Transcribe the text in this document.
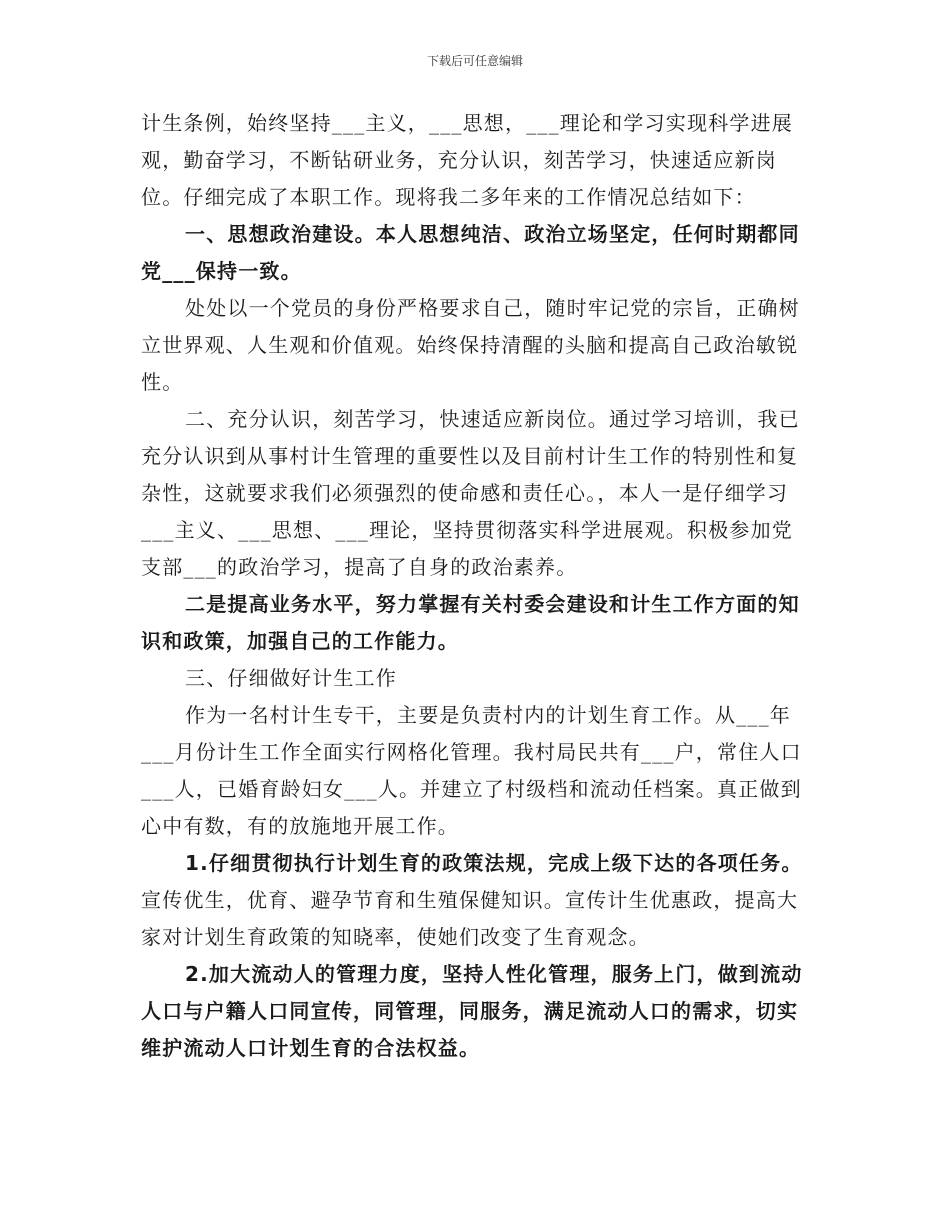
下载后可任意编辑

计生条例，始终坚持___主义，___思想，___理论和学习实现科学进展观，勤奋学习，不断钻研业务，充分认识，刻苦学习，快速适应新岗位。仔细完成了本职工作。现将我二多年来的工作情况总结如下：

一、思想政治建设。本人思想纯洁、政治立场坚定，任何时期都同党___保持一致。

处处以一个党员的身份严格要求自己，随时牢记党的宗旨，正确树立世界观、人生观和价值观。始终保持清醒的头脑和提高自己政治敏锐性。

二、充分认识，刻苦学习，快速适应新岗位。通过学习培训，我已充分认识到从事村计生管理的重要性以及目前村计生工作的特别性和复杂性，这就要求我们必须强烈的使命感和责任心。，本人一是仔细学习___主义、___思想、___理论，坚持贯彻落实科学进展观。积极参加党支部___的政治学习，提高了自身的政治素养。

二是提高业务水平，努力掌握有关村委会建设和计生工作方面的知识和政策，加强自己的工作能力。

三、仔细做好计生工作

作为一名村计生专干，主要是负责村内的计划生育工作。从___年___月份计生工作全面实行网格化管理。我村局民共有___户，常住人口___人，已婚育龄妇女___人。并建立了村级档和流动任档案。真正做到心中有数，有的放施地开展工作。

1.仔细贯彻执行计划生育的政策法规，完成上级下达的各项任务。宣传优生，优育、避孕节育和生殖保健知识。宣传计生优惠政，提高大家对计划生育政策的知晓率，使她们改变了生育观念。

2.加大流动人的管理力度，坚持人性化管理，服务上门，做到流动人口与户籍人口同宣传，同管理，同服务，满足流动人口的需求，切实维护流动人口计划生育的合法权益。
